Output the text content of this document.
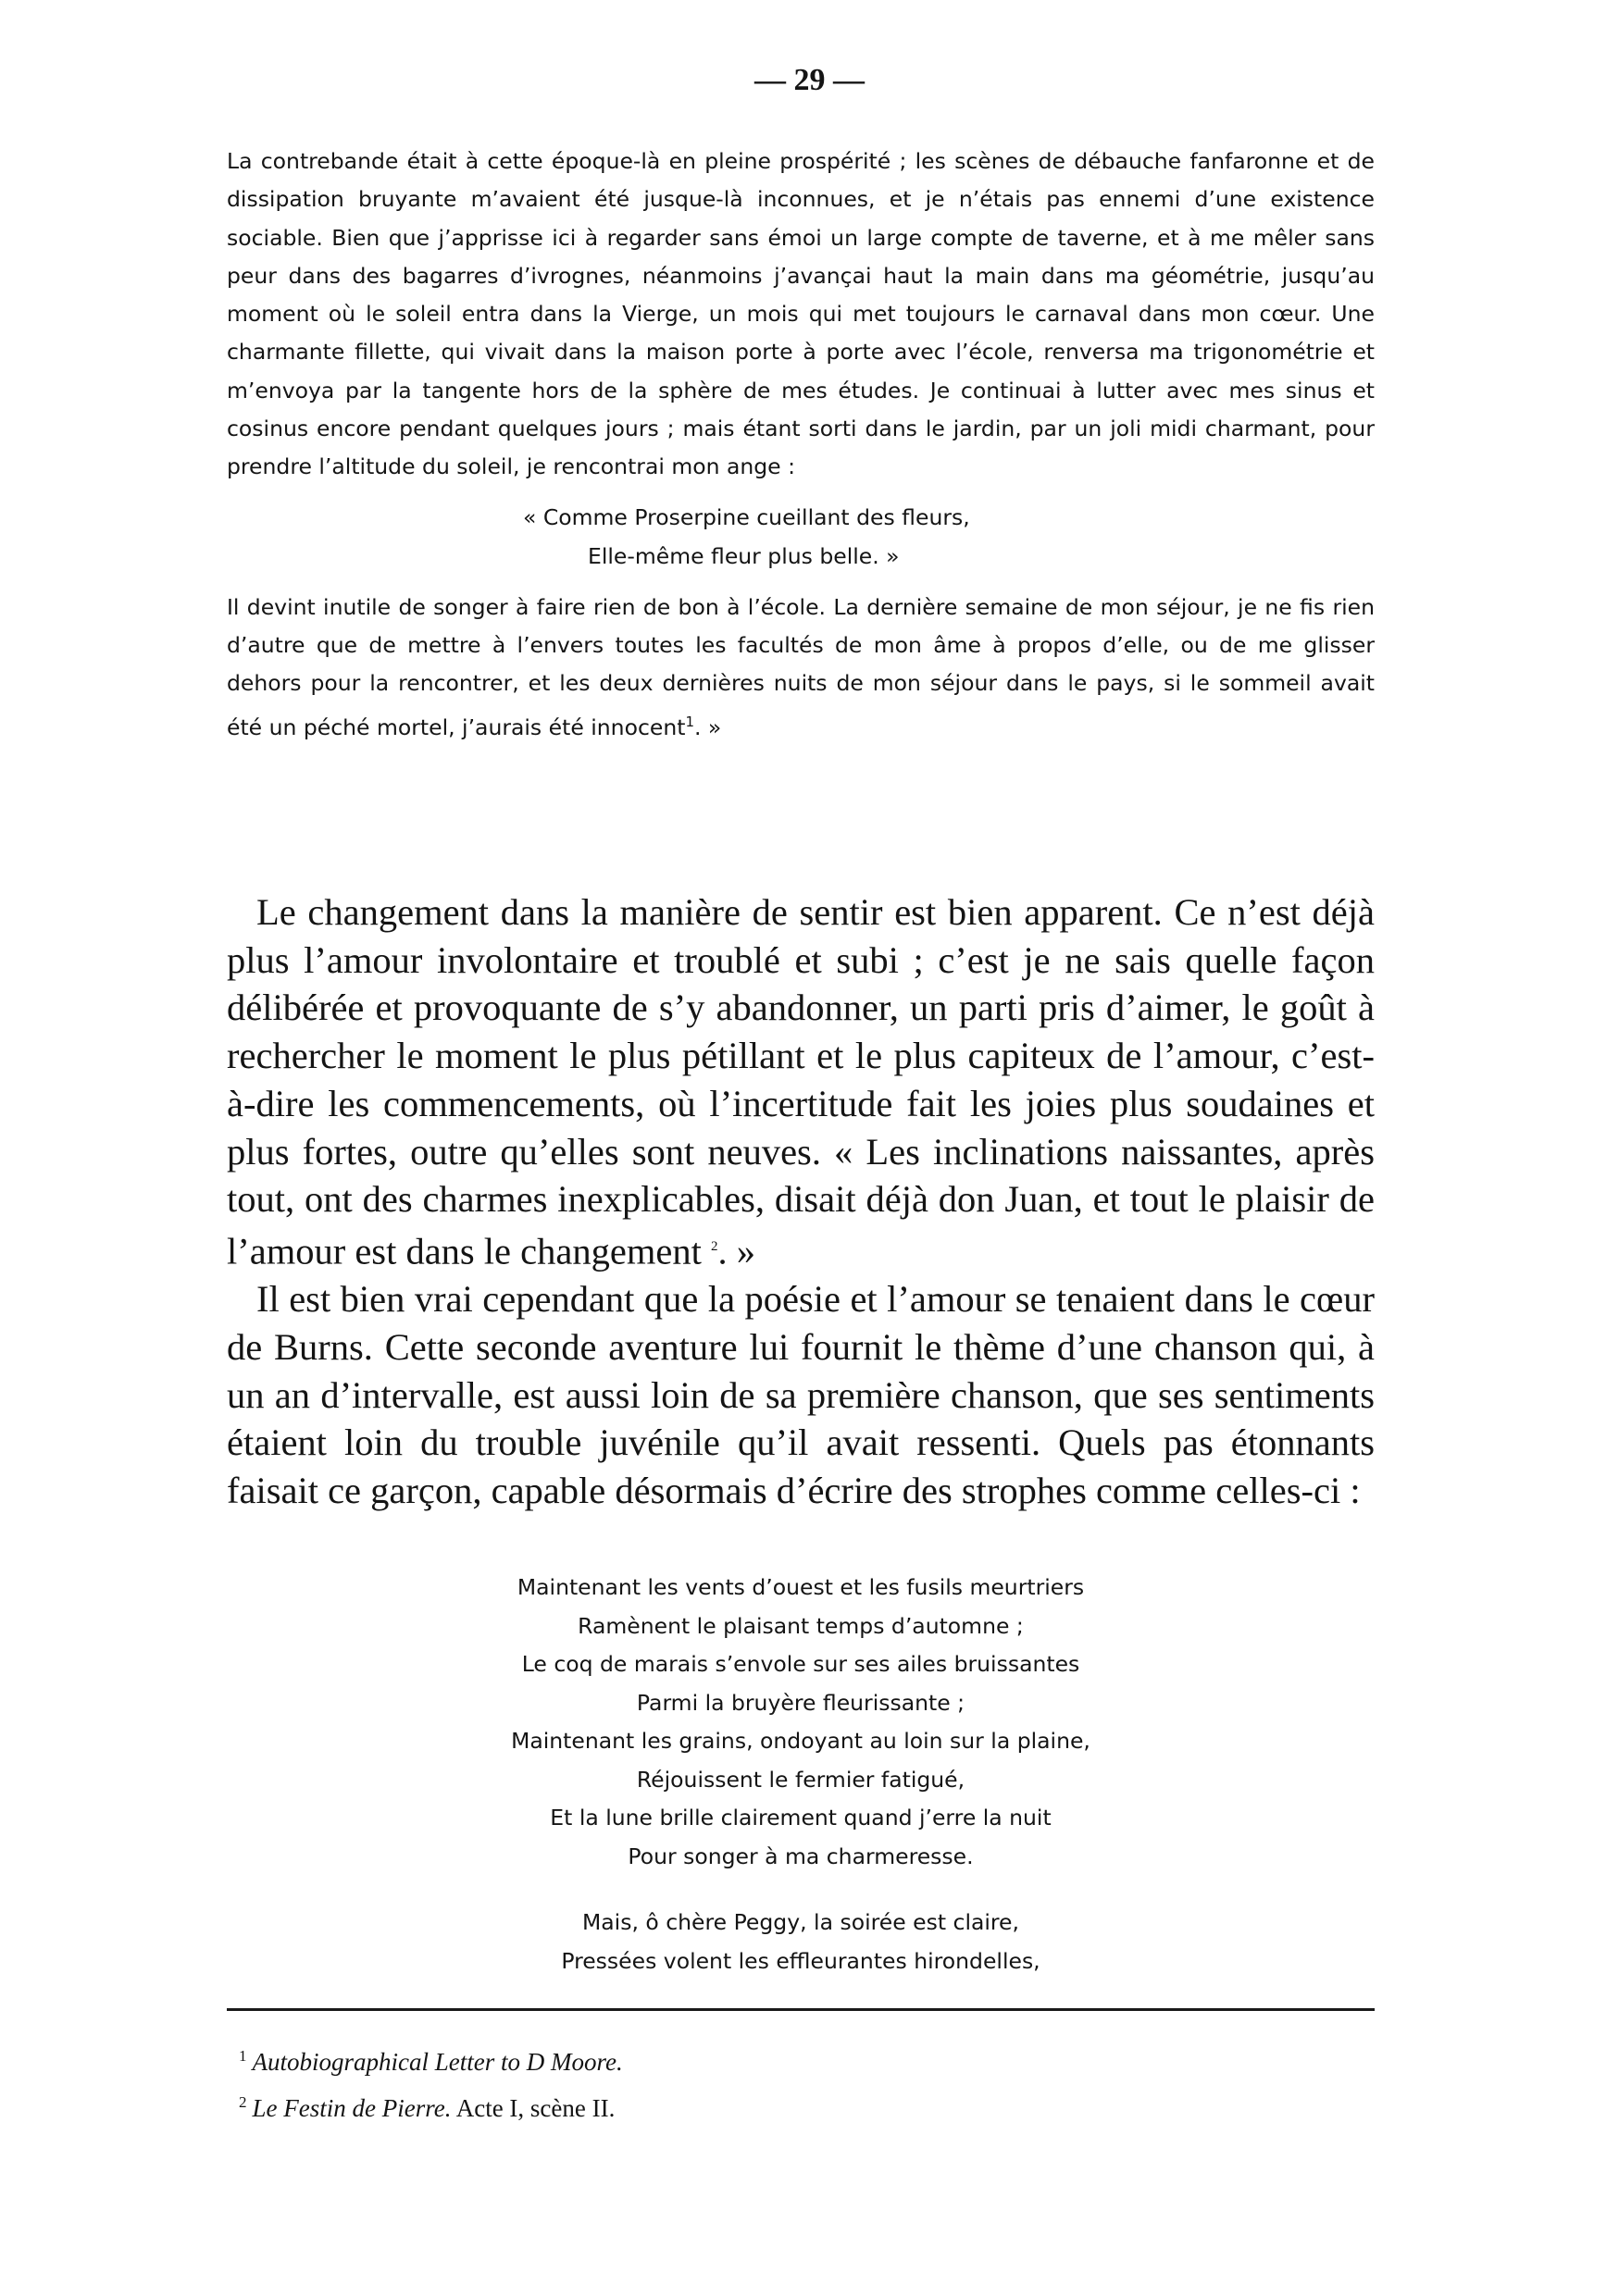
— 29 —

La contrebande était à cette époque-là en pleine prospérité ; les scènes de débauche fanfaronne et de dissipation bruyante m’avaient été jusque-là inconnues, et je n’étais pas ennemi d’une existence sociable. Bien que j’apprisse ici à regarder sans émoi un large compte de taverne, et à me mêler sans peur dans des bagarres d’ivrognes, néanmoins j’avançai haut la main dans ma géométrie, jusqu’au moment où le soleil entra dans la Vierge, un mois qui met toujours le carnaval dans mon cœur. Une charmante fillette, qui vivait dans la maison porte à porte avec l’école, renversa ma trigonométrie et m’envoya par la tangente hors de la sphère de mes études. Je continuai à lutter avec mes sinus et cosinus encore pendant quelques jours ; mais étant sorti dans le jardin, par un joli midi charmant, pour prendre l’altitude du soleil, je rencontrai mon ange :

« Comme Proserpine cueillant des fleurs,
Elle-même fleur plus belle. »

Il devint inutile de songer à faire rien de bon à l’école. La dernière semaine de mon séjour, je ne fis rien d’autre que de mettre à l’envers toutes les facultés de mon âme à propos d’elle, ou de me glisser dehors pour la rencontrer, et les deux dernières nuits de mon séjour dans le pays, si le sommeil avait été un péché mortel, j’aurais été innocent$^1$. »

Le changement dans la manière de sentir est bien apparent. Ce n’est déjà plus l’amour involontaire et troublé et subi ; c’est je ne sais quelle façon délibérée et provoquante de s’y abandonner, un parti pris d’aimer, le goût à rechercher le moment le plus pétillant et le plus capiteux de l’amour, c’est-à-dire les commencements, où l’incertitude fait les joies plus soudaines et plus fortes, outre qu’elles sont neuves. « Les inclinations naissantes, après tout, ont des charmes inexplicables, disait déjà don Juan, et tout le plaisir de l’amour est dans le changement $^2$. »

Il est bien vrai cependant que la poésie et l’amour se tenaient dans le cœur de Burns. Cette seconde aventure lui fournit le thème d’une chanson qui, à un an d’intervalle, est aussi loin de sa première chanson, que ses sentiments étaient loin du trouble juvénile qu’il avait ressenti. Quels pas étonnants faisait ce garçon, capable désormais d’écrire des strophes comme celles-ci :

Maintenant les vents d’ouest et les fusils meurtriers
Ramènent le plaisant temps d’automne ;
Le coq de marais s’envole sur ses ailes bruissantes
Parmi la bruyère fleurissante ;
Maintenant les grains, ondoyant au loin sur la plaine,
Réjouissent le fermier fatigué,
Et la lune brille clairement quand j’erre la nuit
Pour songer à ma charmeresse.
Mais, ô chère Peggy, la soirée est claire,
Pressées volent les effleurantes hirondelles,
$^1$ Autobiographical Letter to D Moore.
$^2$ Le Festin de Pierre. Acte I, scène II.
